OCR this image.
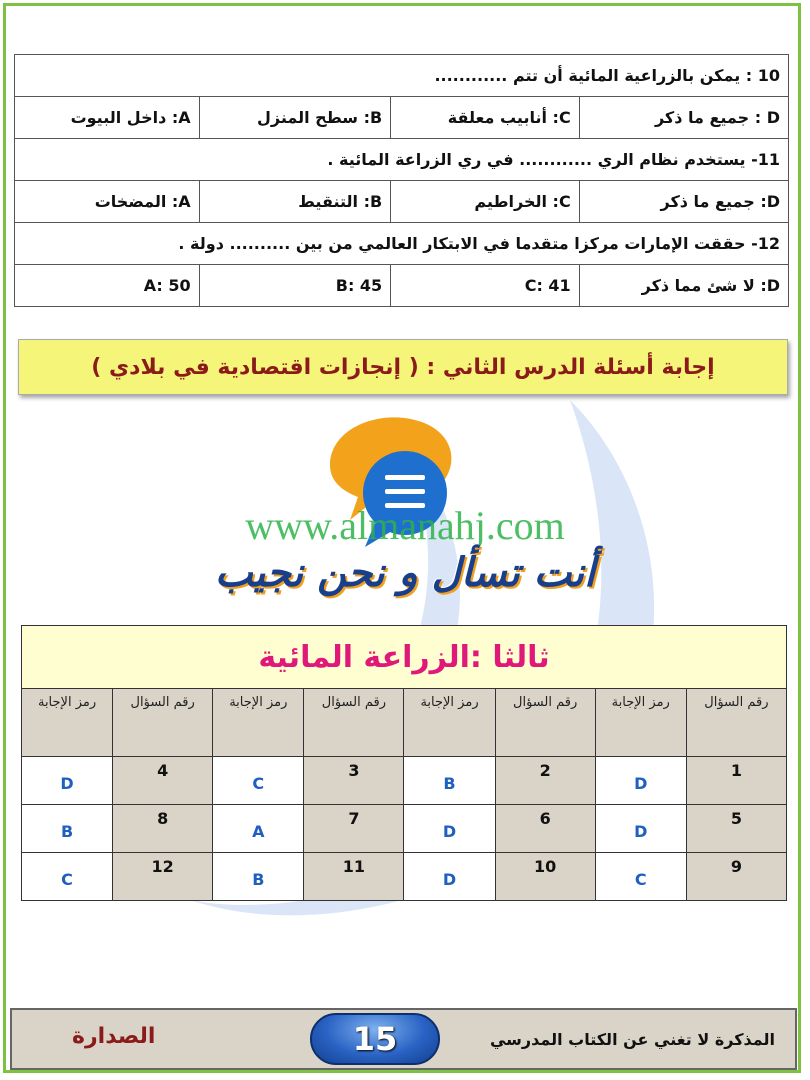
10 : يمكن بالزراعية المائية أن تتم ............			
A: داخل البيوت	B: سطح المنزل	C: أنابيب معلقة	D : جميع ما ذكر
11- يستخدم نظام الري ............ في ري الزراعة المائية .			
A: المضخات	B: التنقيط	C: الخراطيم	D: جميع ما ذكر
12- حققت الإمارات مركزا متقدما في الابتكار العالمي من بين .......... دولة .			
A: 50	B: 45	C: 41	D: لا شئ مما ذكر
إجابة أسئلة الدرس الثاني : ( إنجازات اقتصادية في بلادي )
www.almanahj.com
أنت تسأل و نحن نجيب
ثالثا :الزراعة المائية							
رمز الإجابة	رقم السؤال	رمز الإجابة	رقم السؤال	رمز الإجابة	رقم السؤال	رمز الإجابة	رقم السؤال
D	4	C	3	B	2	D	1
B	8	A	7	D	6	D	5
C	12	B	11	D	10	C	9
الصدارة	15	المذكرة لا تغني عن الكتاب المدرسي
